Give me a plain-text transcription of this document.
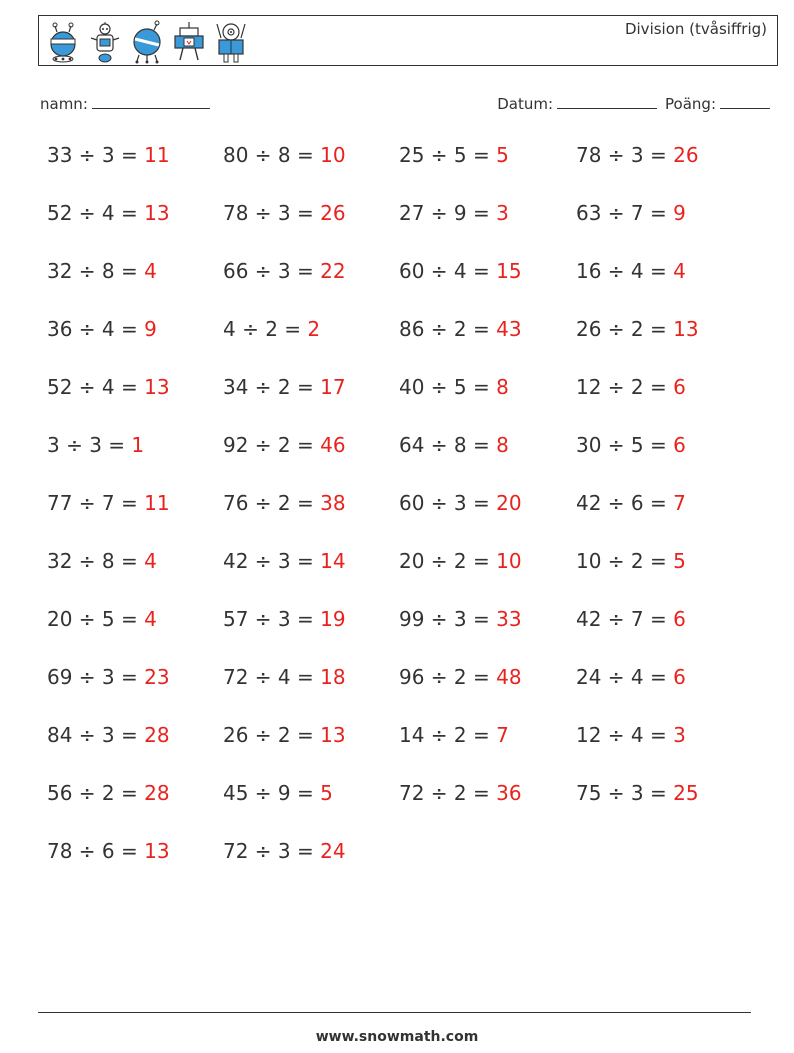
Division (tvåsiffrig)
namn:	Datum:	Poäng:
33 ÷ 3 = 11	80 ÷ 8 = 10	25 ÷ 5 = 5	78 ÷ 3 = 26
52 ÷ 4 = 13	78 ÷ 3 = 26	27 ÷ 9 = 3	63 ÷ 7 = 9
32 ÷ 8 = 4	66 ÷ 3 = 22	60 ÷ 4 = 15	16 ÷ 4 = 4
36 ÷ 4 = 9	4 ÷ 2 = 2	86 ÷ 2 = 43	26 ÷ 2 = 13
52 ÷ 4 = 13	34 ÷ 2 = 17	40 ÷ 5 = 8	12 ÷ 2 = 6
3 ÷ 3 = 1	92 ÷ 2 = 46	64 ÷ 8 = 8	30 ÷ 5 = 6
77 ÷ 7 = 11	76 ÷ 2 = 38	60 ÷ 3 = 20	42 ÷ 6 = 7
32 ÷ 8 = 4	42 ÷ 3 = 14	20 ÷ 2 = 10	10 ÷ 2 = 5
20 ÷ 5 = 4	57 ÷ 3 = 19	99 ÷ 3 = 33	42 ÷ 7 = 6
69 ÷ 3 = 23	72 ÷ 4 = 18	96 ÷ 2 = 48	24 ÷ 4 = 6
84 ÷ 3 = 28	26 ÷ 2 = 13	14 ÷ 2 = 7	12 ÷ 4 = 3
56 ÷ 2 = 28	45 ÷ 9 = 5	72 ÷ 2 = 36	75 ÷ 3 = 25
78 ÷ 6 = 13	72 ÷ 3 = 24
www.snowmath.com
